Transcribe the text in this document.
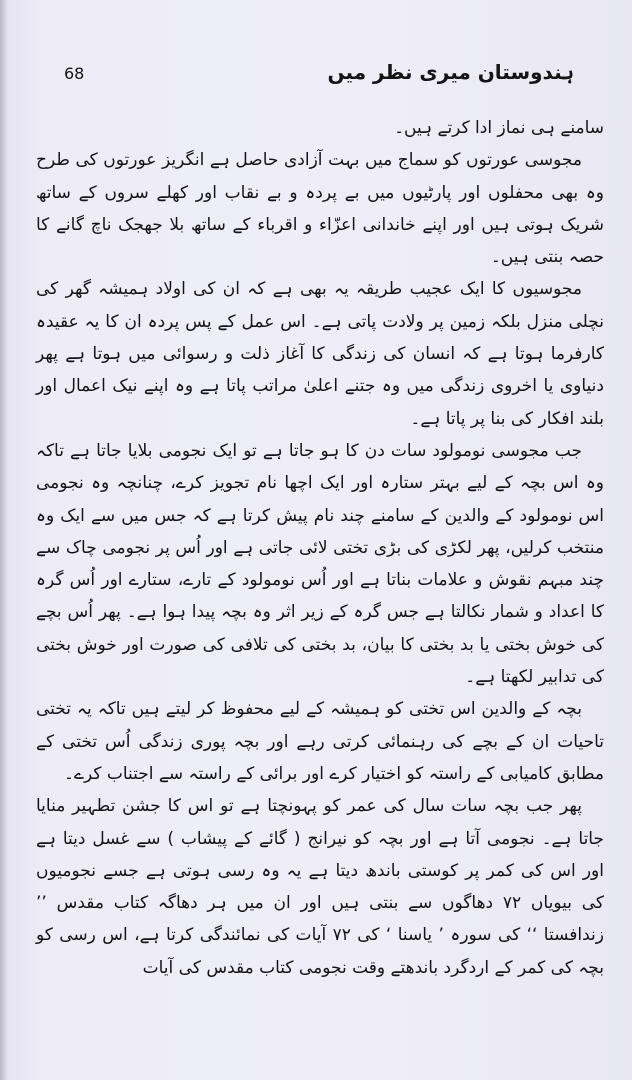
ہندوستان میری نظر میں
68

سامنے ہی نماز ادا کرتے ہیں۔

مجوسی عورتوں کو سماج میں بہت آزادی حاصل ہے انگریز عورتوں کی طرح وہ بھی محفلوں اور پارٹیوں میں بے پردہ و بے نقاب اور کھلے سروں کے ساتھ شریک ہوتی ہیں اور اپنے خاندانی اعزّاء و اقرباء کے ساتھ بلا جھجک ناچ گانے کا حصہ بنتی ہیں۔

مجوسیوں کا ایک عجیب طریقہ یہ بھی ہے کہ ان کی اولاد ہمیشہ گھر کی نچلی منزل بلکہ زمین پر ولادت پاتی ہے۔ اس عمل کے پس پردہ ان کا یہ عقیدہ کارفرما ہوتا ہے کہ انسان کی زندگی کا آغاز ذلت و رسوائی میں ہوتا ہے پھر دنیاوی یا اخروی زندگی میں وہ جتنے اعلیٰ مراتب پاتا ہے وہ اپنے نیک اعمال اور بلند افکار کی بنا پر پاتا ہے۔

جب مجوسی نومولود سات دن کا ہو جاتا ہے تو ایک نجومی بلایا جاتا ہے تاکہ وہ اس بچہ کے لیے بہتر ستارہ اور ایک اچھا نام تجویز کرے، چنانچہ وہ نجومی اس نومولود کے والدین کے سامنے چند نام پیش کرتا ہے کہ جس میں سے ایک وہ منتخب کرلیں، پھر لکڑی کی بڑی تختی لائی جاتی ہے اور اُس پر نجومی چاک سے چند مبہم نقوش و علامات بناتا ہے اور اُس نومولود کے تارے، ستارے اور اُس گرہ کا اعداد و شمار نکالتا ہے جس گرہ کے زیر اثر وہ بچہ پیدا ہوا ہے۔ پھر اُس بچے کی خوش بختی یا بد بختی کا بیان، بد بختی کی تلافی کی صورت اور خوش بختی کی تدابیر لکھتا ہے۔

بچہ کے والدین اس تختی کو ہمیشہ کے لیے محفوظ کر لیتے ہیں تاکہ یہ تختی تاحیات ان کے بچے کی رہنمائی کرتی رہے اور بچہ پوری زندگی اُس تختی کے مطابق کامیابی کے راستہ کو اختیار کرے اور برائی کے راستہ سے اجتناب کرے۔

پھر جب بچہ سات سال کی عمر کو پہونچتا ہے تو اس کا جشن تطہیر منایا جاتا ہے۔ نجومی آتا ہے اور بچہ کو نیرانج ( گائے کے پیشاب ) سے غسل دیتا ہے اور اس کی کمر پر کوستی باندھ دیتا ہے یہ وہ رسی ہوتی ہے جسے نجومیوں کی بیویاں ۷۲ دھاگوں سے بنتی ہیں اور ان میں ہر دھاگہ کتاب مقدس ’’ زندافستا ‘‘ کی سورہ ’ یاسنا ‘ کی ۷۲ آیات کی نمائندگی کرتا ہے، اس رسی کو بچہ کی کمر کے اردگرد باندھتے وقت نجومی کتاب مقدس کی آیات
